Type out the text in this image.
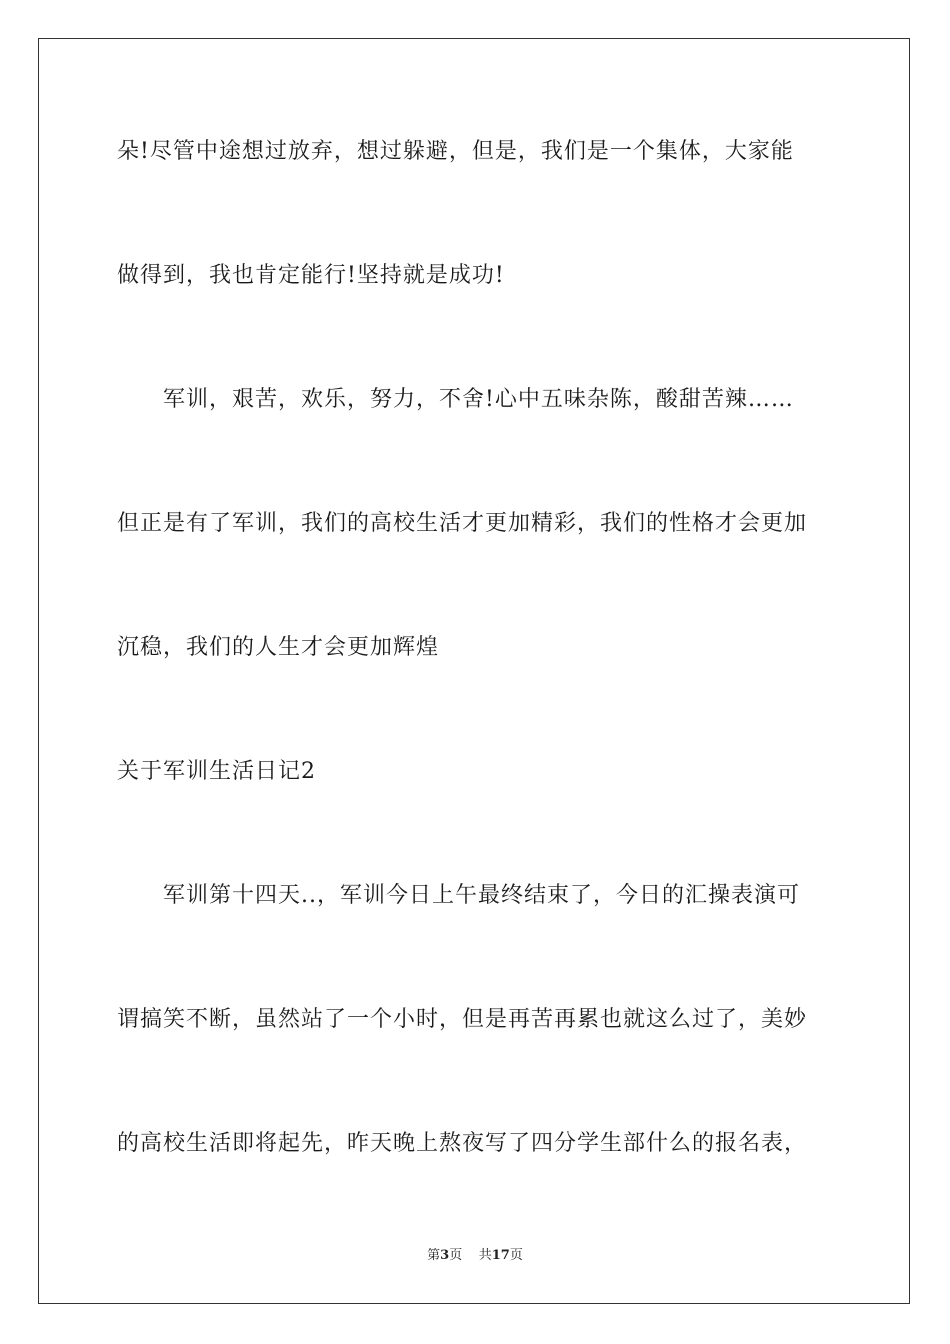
朵!尽管中途想过放弃，想过躲避，但是，我们是一个集体，大家能
做得到，我也肯定能行!坚持就是成功!
军训，艰苦，欢乐，努力，不舍!心中五味杂陈，酸甜苦辣……
但正是有了军训，我们的高校生活才更加精彩，我们的性格才会更加
沉稳，我们的人生才会更加辉煌
关于军训生活日记2
军训第十四天..，军训今日上午最终结束了，今日的汇操表演可
谓搞笑不断，虽然站了一个小时，但是再苦再累也就这么过了，美妙
的高校生活即将起先，昨天晚上熬夜写了四分学生部什么的报名表，
第3页 共17页
